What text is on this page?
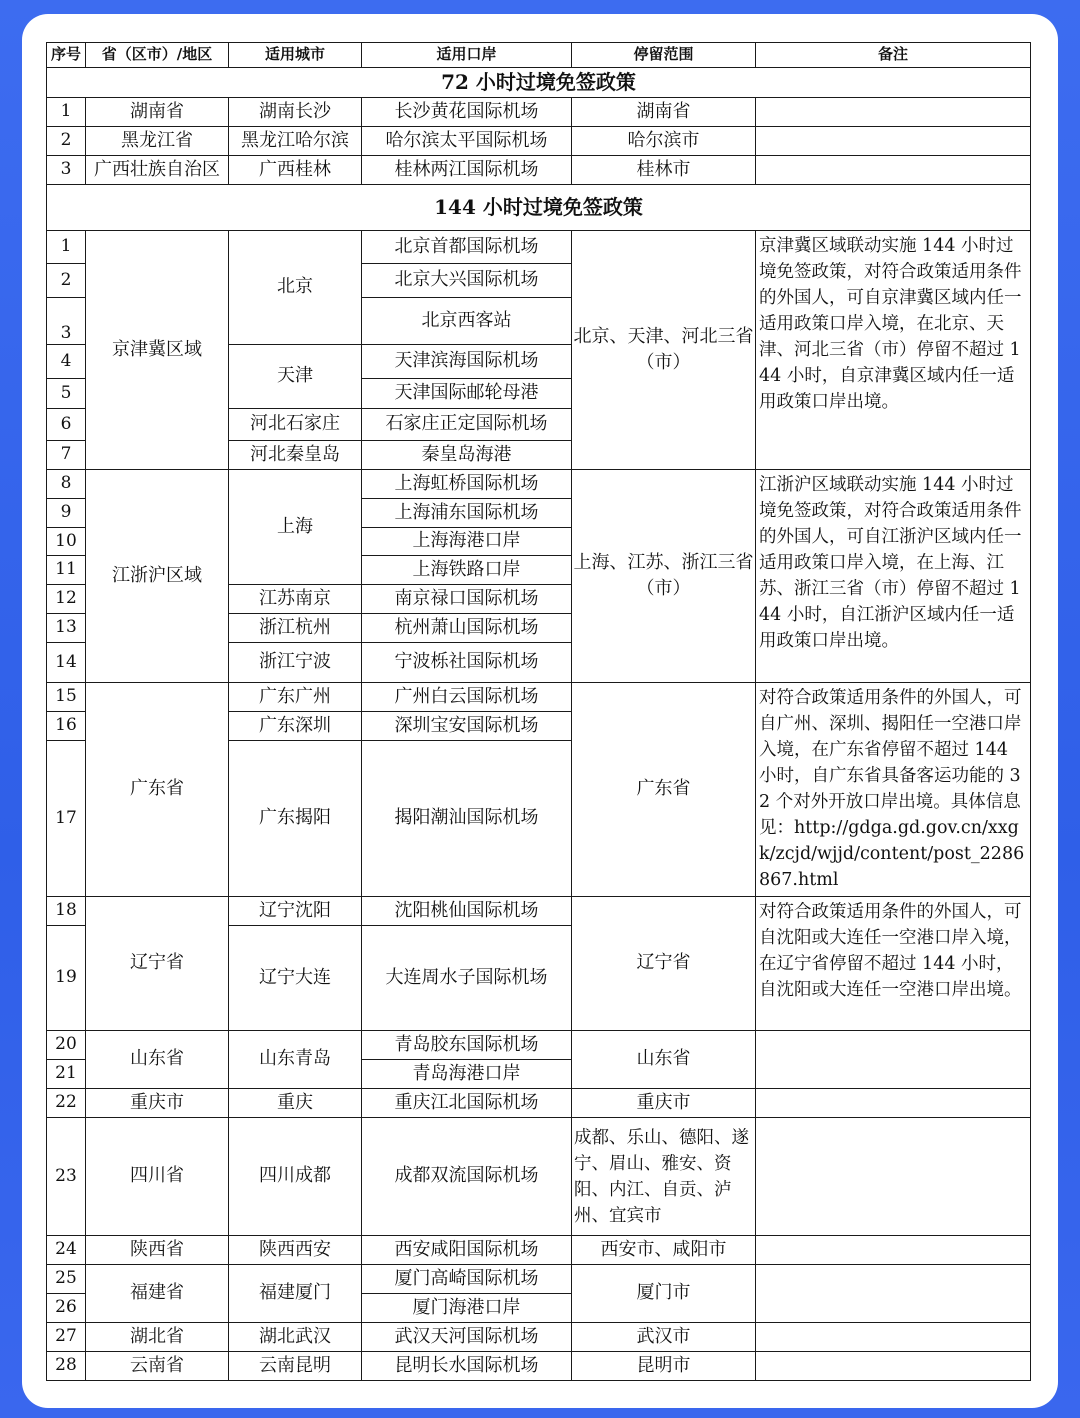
序号	省（区市）/地区	适用城市	适用口岸	停留范围	备注
72 小时过境免签政策					
1	湖南省	湖南长沙	长沙黄花国际机场	湖南省	
2	黑龙江省	黑龙江哈尔滨	哈尔滨太平国际机场	哈尔滨市	
3	广西壮族自治区	广西桂林	桂林两江国际机场	桂林市	
144 小时过境免签政策					
1	京津冀区域	北京	北京首都国际机场	北京、天津、河北三省（市）	京津冀区域联动实施 144 小时过境免签政策，对符合政策适用条件的外国人，可自京津冀区域内任一适用政策口岸入境，在北京、天津、河北三省（市）停留不超过 144 小时，自京津冀区域内任一适用政策口岸出境。
2			北京大兴国际机场		
3			北京西客站		
4		天津	天津滨海国际机场		
5			天津国际邮轮母港		
6		河北石家庄	石家庄正定国际机场		
7		河北秦皇岛	秦皇岛海港		
8	江浙沪区域	上海	上海虹桥国际机场	上海、江苏、浙江三省（市）	江浙沪区域联动实施 144 小时过境免签政策，对符合政策适用条件的外国人，可自江浙沪区域内任一适用政策口岸入境，在上海、江苏、浙江三省（市）停留不超过 144 小时，自江浙沪区域内任一适用政策口岸出境。
9			上海浦东国际机场		
10			上海海港口岸		
11			上海铁路口岸		
12		江苏南京	南京禄口国际机场		
13		浙江杭州	杭州萧山国际机场		
14		浙江宁波	宁波栎社国际机场		
15	广东省	广东广州	广州白云国际机场	广东省	对符合政策适用条件的外国人，可自广州、深圳、揭阳任一空港口岸入境，在广东省停留不超过 144 小时，自广东省具备客运功能的 32 个对外开放口岸出境。具体信息见：http://gdga.gd.gov.cn/xxgk/zcjd/wjjd/content/post_2286867.html
16		广东深圳	深圳宝安国际机场		
17		广东揭阳	揭阳潮汕国际机场		
18	辽宁省	辽宁沈阳	沈阳桃仙国际机场	辽宁省	对符合政策适用条件的外国人，可自沈阳或大连任一空港口岸入境，在辽宁省停留不超过 144 小时，自沈阳或大连任一空港口岸出境。
19		辽宁大连	大连周水子国际机场		
20	山东省	山东青岛	青岛胶东国际机场	山东省	
21			青岛海港口岸		
22	重庆市	重庆	重庆江北国际机场	重庆市	
23	四川省	四川成都	成都双流国际机场	成都、乐山、德阳、遂宁、眉山、雅安、资阳、内江、自贡、泸州、宜宾市	
24	陕西省	陕西西安	西安咸阳国际机场	西安市、咸阳市	
25	福建省	福建厦门	厦门高崎国际机场	厦门市	
26			厦门海港口岸		
27	湖北省	湖北武汉	武汉天河国际机场	武汉市	
28	云南省	云南昆明	昆明长水国际机场	昆明市	
